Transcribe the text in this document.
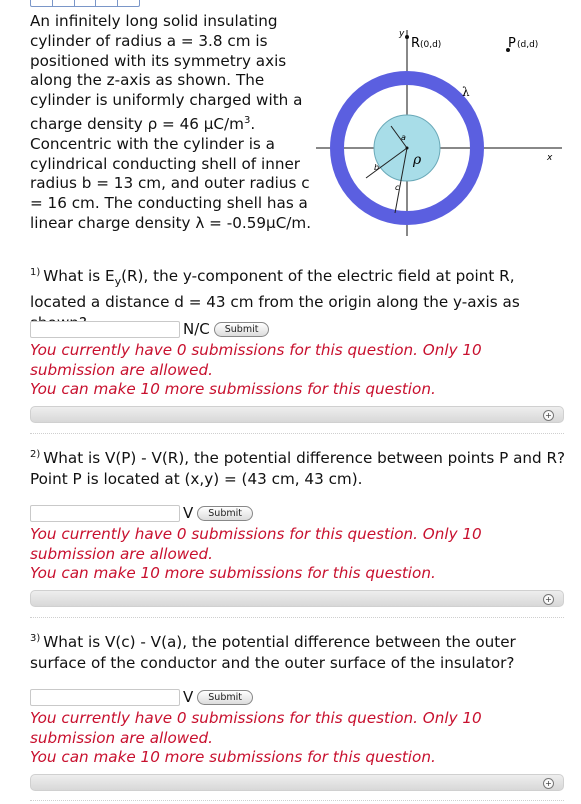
An infinitely long solid insulating cylinder of radius a = 3.8 cm is positioned with its symmetry axis along the z-axis as shown. The cylinder is uniformly charged with a charge density ρ = 46 $\mu C/m^3$. Concentric with the cylinder is a cylindrical conducting shell of inner radius b = 13 cm, and outer radius c = 16 cm. The conducting shell has a linear charge density λ = -0.59μC/m.
y
x
R (0,d)	P (d,d)
λ
ρ
a
b
c
$^{1)}$ What is $E_y(R)$, the y-component of the electric field at point R, located a distance d = 43 cm from the origin along the y-axis as
N/C	Submit
You currently have 0 submissions for this question. Only 10 submission are allowed.
You can make 10 more submissions for this question.
+
$^{2)}$ What is V(P) - V(R), the potential difference between points P and R? Point P is located at (x,y) = (43 cm, 43 cm).
V	Submit
You currently have 0 submissions for this question. Only 10 submission are allowed.
You can make 10 more submissions for this question.
+
$^{3)}$ What is V(c) - V(a), the potential difference between the outer surface of the conductor and the outer surface of the insulator?
V	Submit
You currently have 0 submissions for this question. Only 10 submission are allowed.
You can make 10 more submissions for this question.
+
